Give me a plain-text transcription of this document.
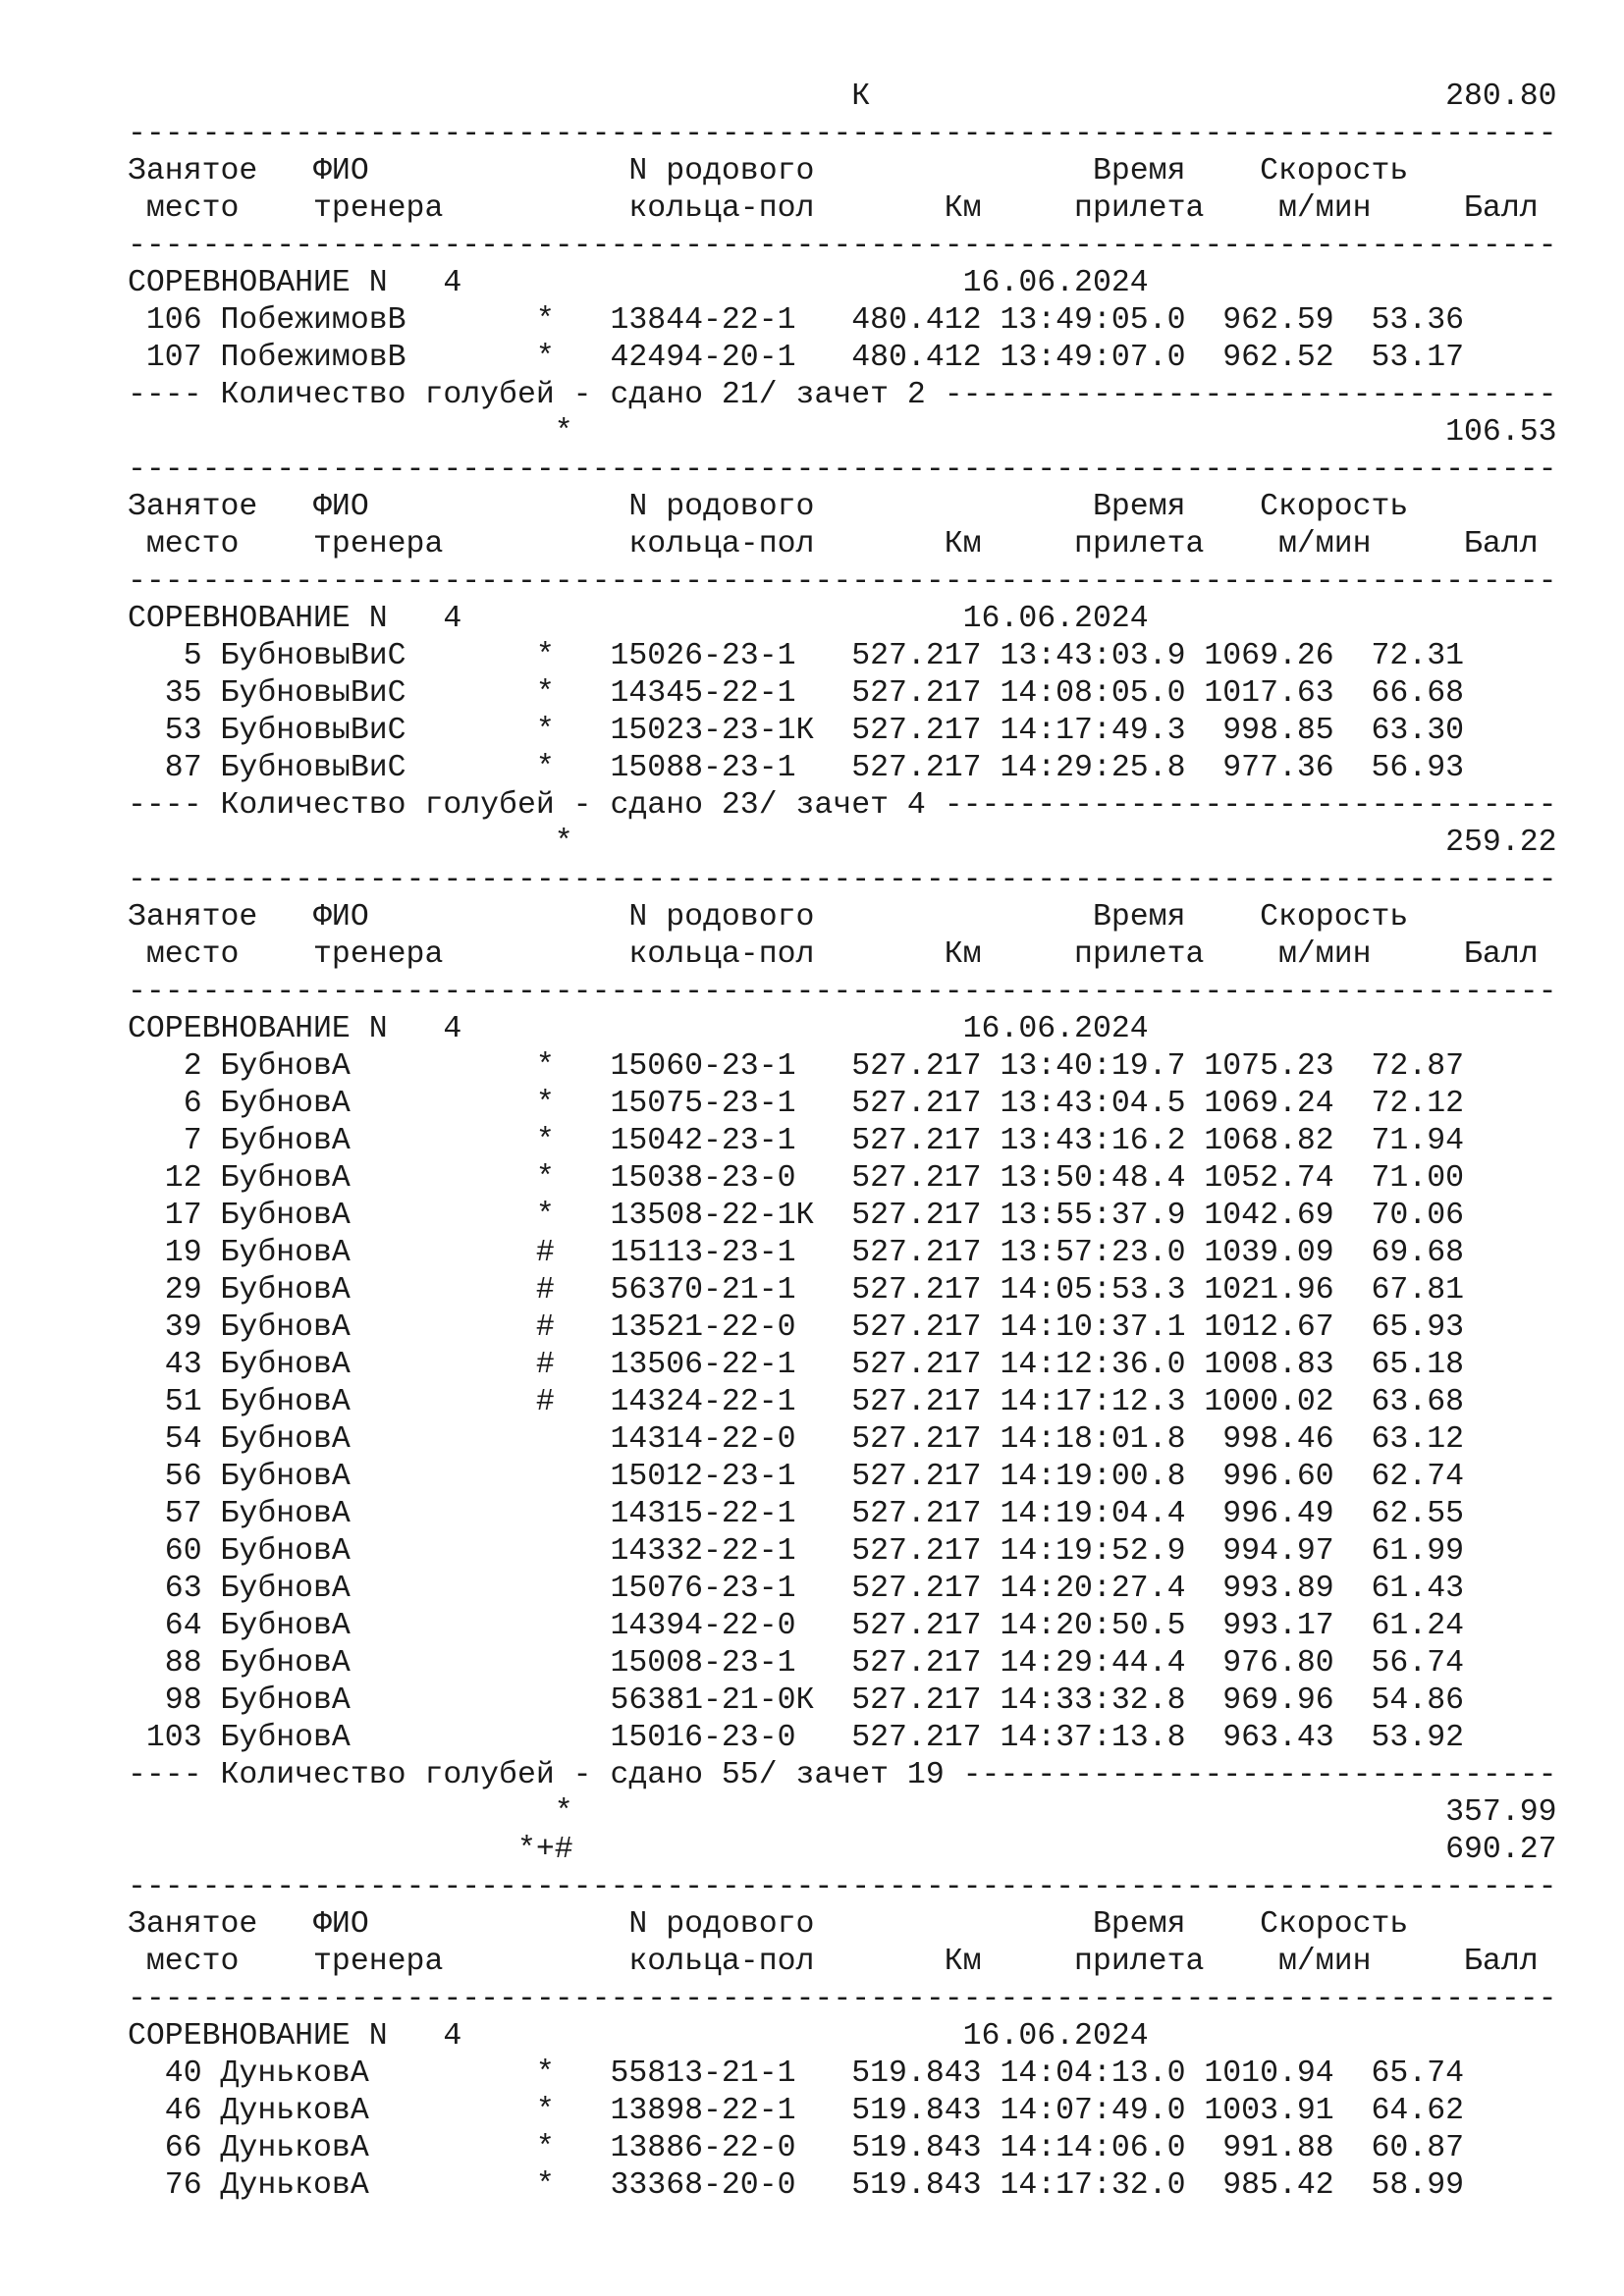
К                               280.80
-----------------------------------------------------------------------------
Занятое   ФИО              N родового               Время    Скорость
место    тренера          кольца-пол       Км     прилета    м/мин     Балл
-----------------------------------------------------------------------------
СОРЕВНОВАНИЕ N   4                           16.06.2024
106 ПобежимовВ       *   13844-22-1   480.412 13:49:05.0  962.59  53.36
107 ПобежимовВ       *   42494-20-1   480.412 13:49:07.0  962.52  53.17
---- Количество голубей - сдано 21/ зачет 2 ---------------------------------
*                                               106.53
-----------------------------------------------------------------------------
Занятое   ФИО              N родового               Время    Скорость
место    тренера          кольца-пол       Км     прилета    м/мин     Балл
-----------------------------------------------------------------------------
СОРЕВНОВАНИЕ N   4                           16.06.2024
5 БубновыВиС       *   15026-23-1   527.217 13:43:03.9 1069.26  72.31
35 БубновыВиС       *   14345-22-1   527.217 14:08:05.0 1017.63  66.68
53 БубновыВиС       *   15023-23-1К  527.217 14:17:49.3  998.85  63.30
87 БубновыВиС       *   15088-23-1   527.217 14:29:25.8  977.36  56.93
---- Количество голубей - сдано 23/ зачет 4 ---------------------------------
*                                               259.22
-----------------------------------------------------------------------------
Занятое   ФИО              N родового               Время    Скорость
место    тренера          кольца-пол       Км     прилета    м/мин     Балл
-----------------------------------------------------------------------------
СОРЕВНОВАНИЕ N   4                           16.06.2024
2 БубновА          *   15060-23-1   527.217 13:40:19.7 1075.23  72.87
6 БубновА          *   15075-23-1   527.217 13:43:04.5 1069.24  72.12
7 БубновА          *   15042-23-1   527.217 13:43:16.2 1068.82  71.94
12 БубновА          *   15038-23-0   527.217 13:50:48.4 1052.74  71.00
17 БубновА          *   13508-22-1К  527.217 13:55:37.9 1042.69  70.06
19 БубновА          #   15113-23-1   527.217 13:57:23.0 1039.09  69.68
29 БубновА          #   56370-21-1   527.217 14:05:53.3 1021.96  67.81
39 БубновА          #   13521-22-0   527.217 14:10:37.1 1012.67  65.93
43 БубновА          #   13506-22-1   527.217 14:12:36.0 1008.83  65.18
51 БубновА          #   14324-22-1   527.217 14:17:12.3 1000.02  63.68
54 БубновА              14314-22-0   527.217 14:18:01.8  998.46  63.12
56 БубновА              15012-23-1   527.217 14:19:00.8  996.60  62.74
57 БубновА              14315-22-1   527.217 14:19:04.4  996.49  62.55
60 БубновА              14332-22-1   527.217 14:19:52.9  994.97  61.99
63 БубновА              15076-23-1   527.217 14:20:27.4  993.89  61.43
64 БубновА              14394-22-0   527.217 14:20:50.5  993.17  61.24
88 БубновА              15008-23-1   527.217 14:29:44.4  976.80  56.74
98 БубновА              56381-21-0К  527.217 14:33:32.8  969.96  54.86
103 БубновА              15016-23-0   527.217 14:37:13.8  963.43  53.92
---- Количество голубей - сдано 55/ зачет 19 --------------------------------
*                                               357.99
*+#                                               690.27
-----------------------------------------------------------------------------
Занятое   ФИО              N родового               Время    Скорость
место    тренера          кольца-пол       Км     прилета    м/мин     Балл
-----------------------------------------------------------------------------
СОРЕВНОВАНИЕ N   4                           16.06.2024
40 ДуньковА         *   55813-21-1   519.843 14:04:13.0 1010.94  65.74
46 ДуньковА         *   13898-22-1   519.843 14:07:49.0 1003.91  64.62
66 ДуньковА         *   13886-22-0   519.843 14:14:06.0  991.88  60.87
76 ДуньковА         *   33368-20-0   519.843 14:17:32.0  985.42  58.99
